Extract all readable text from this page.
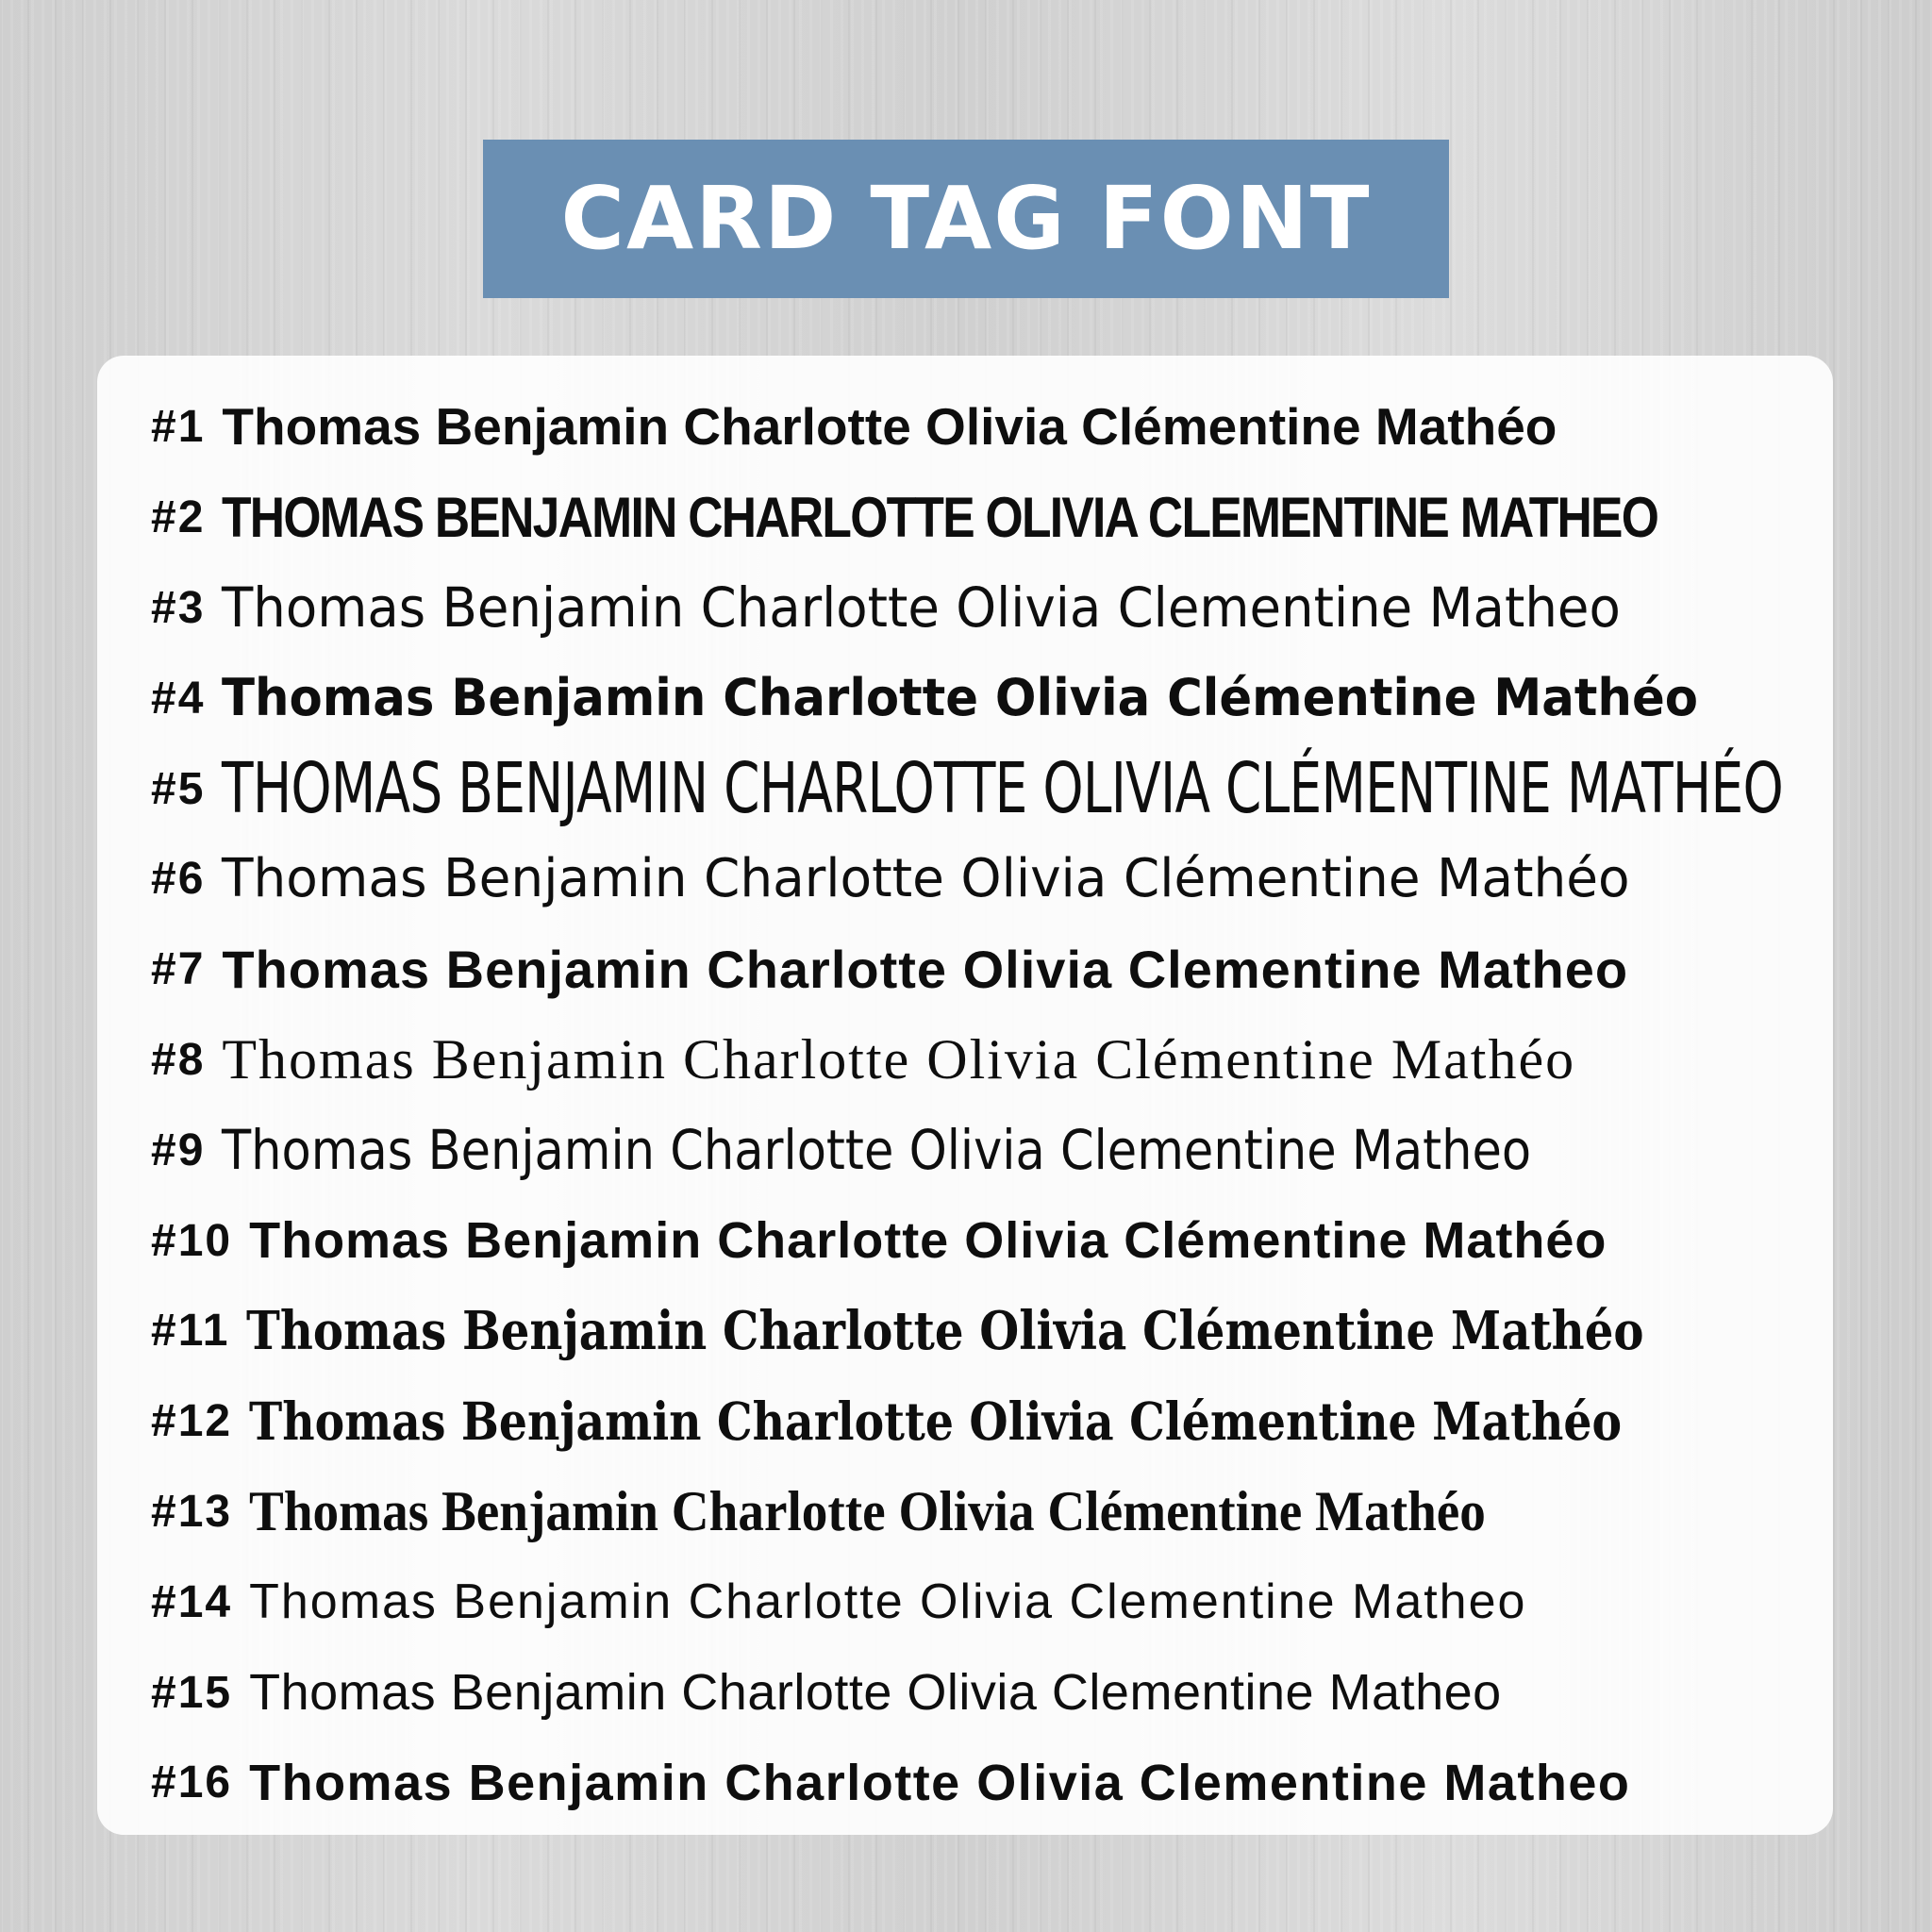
CARD TAG FONT
#1 Thomas Benjamin Charlotte Olivia Clémentine Mathéo
#2 THOMAS BENJAMIN CHARLOTTE OLIVIA CLEMENTINE MATHEO
#3 Thomas Benjamin Charlotte Olivia Clementine Matheo
#4 Thomas Benjamin Charlotte Olivia Clémentine Mathéo
#5 THOMAS BENJAMIN CHARLOTTE OLIVIA CLÉMENTINE MATHÉO
#6 Thomas Benjamin Charlotte Olivia Clémentine Mathéo
#7 Thomas Benjamin Charlotte Olivia Clementine Matheo
#8 Thomas Benjamin Charlotte Olivia Clémentine Mathéo
#9 Thomas Benjamin Charlotte Olivia Clementine Matheo
#10 Thomas Benjamin Charlotte Olivia Clémentine Mathéo
#11 Thomas Benjamin Charlotte Olivia Clémentine Mathéo
#12 Thomas Benjamin Charlotte Olivia Clémentine Mathéo
#13 Thomas Benjamin Charlotte Olivia Clémentine Mathéo
#14 Thomas Benjamin Charlotte Olivia Clementine Matheo
#15 Thomas Benjamin Charlotte Olivia Clementine Matheo
#16 Thomas Benjamin Charlotte Olivia Clementine Matheo
